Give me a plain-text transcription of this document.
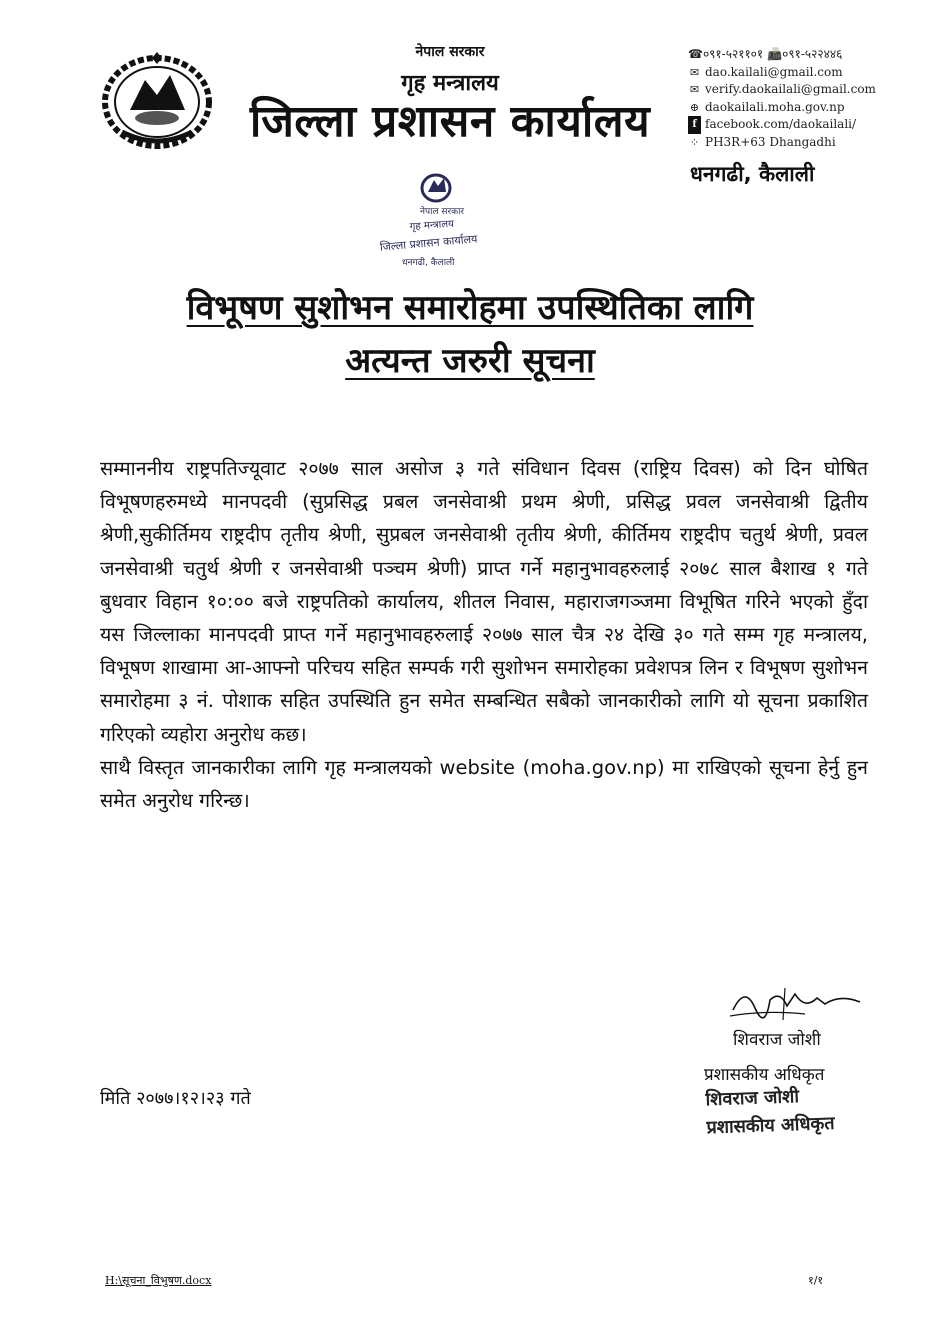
नेपाल सरकार
गृह मन्त्रालय
जिल्ला प्रशासन कार्यालय
☎०९१-५२११०१ 📠०९१-५२२४४६
✉ dao.kailali@gmail.com
✉ verify.daokailali@gmail.com
⊕ daokailali.moha.gov.np
f facebook.com/daokailali/
⁘ PH3R+63 Dhangadhi
धनगढी, कैलाली
नेपाल सरकार
गृह मन्त्रालय
जिल्ला प्रशासन कार्यालय
धनगढी, कैलाली
विभूषण सुशोभन समारोहमा उपस्थितिका लागि
अत्यन्त जरुरी सूचना

सम्माननीय राष्ट्रपतिज्यूवाट २०७७ साल असोज ३ गते संविधान दिवस (राष्ट्रिय दिवस) को दिन घोषित विभूषणहरुमध्ये मानपदवी (सुप्रसिद्ध प्रबल जनसेवाश्री प्रथम श्रेणी, प्रसिद्ध प्रवल जनसेवाश्री द्वितीय श्रेणी,सुकीर्तिमय राष्ट्रदीप तृतीय श्रेणी, सुप्रबल जनसेवाश्री तृतीय श्रेणी, कीर्तिमय राष्ट्रदीप चतुर्थ श्रेणी, प्रवल जनसेवाश्री चतुर्थ श्रेणी र जनसेवाश्री पञ्चम श्रेणी) प्राप्त गर्ने महानुभावहरुलाई २०७८ साल बैशाख १ गते बुधवार विहान १०:०० बजे राष्ट्रपतिको कार्यालय, शीतल निवास, महाराजगञ्जमा विभूषित गरिने भएको हुँदा यस जिल्लाका मानपदवी प्राप्त गर्ने महानुभावहरुलाई २०७७ साल चैत्र २४ देखि ३० गते सम्म गृह मन्त्रालय, विभूषण शाखामा आ-आफ्नो परिचय सहित सम्पर्क गरी सुशोभन समारोहका प्रवेशपत्र लिन र विभूषण सुशोभन समारोहमा ३ नं. पोशाक सहित उपस्थिति हुन समेत सम्बन्धित सबैको जानकारीको लागि यो सूचना प्रकाशित गरिएको व्यहोरा अनुरोध कछ।

साथै विस्तृत जानकारीका लागि गृह मन्त्रालयको website (moha.gov.np) मा राखिएको सूचना हेर्नु हुन समेत अनुरोध गरिन्छ।

शिवराज जोशी
प्रशासकीय अधिकृत
शिवराज जोशी
प्रशासकीय अधिकृत
मिति २०७७।१२।२३ गते
H:\सूचना_विभुषण.docx	१/१
